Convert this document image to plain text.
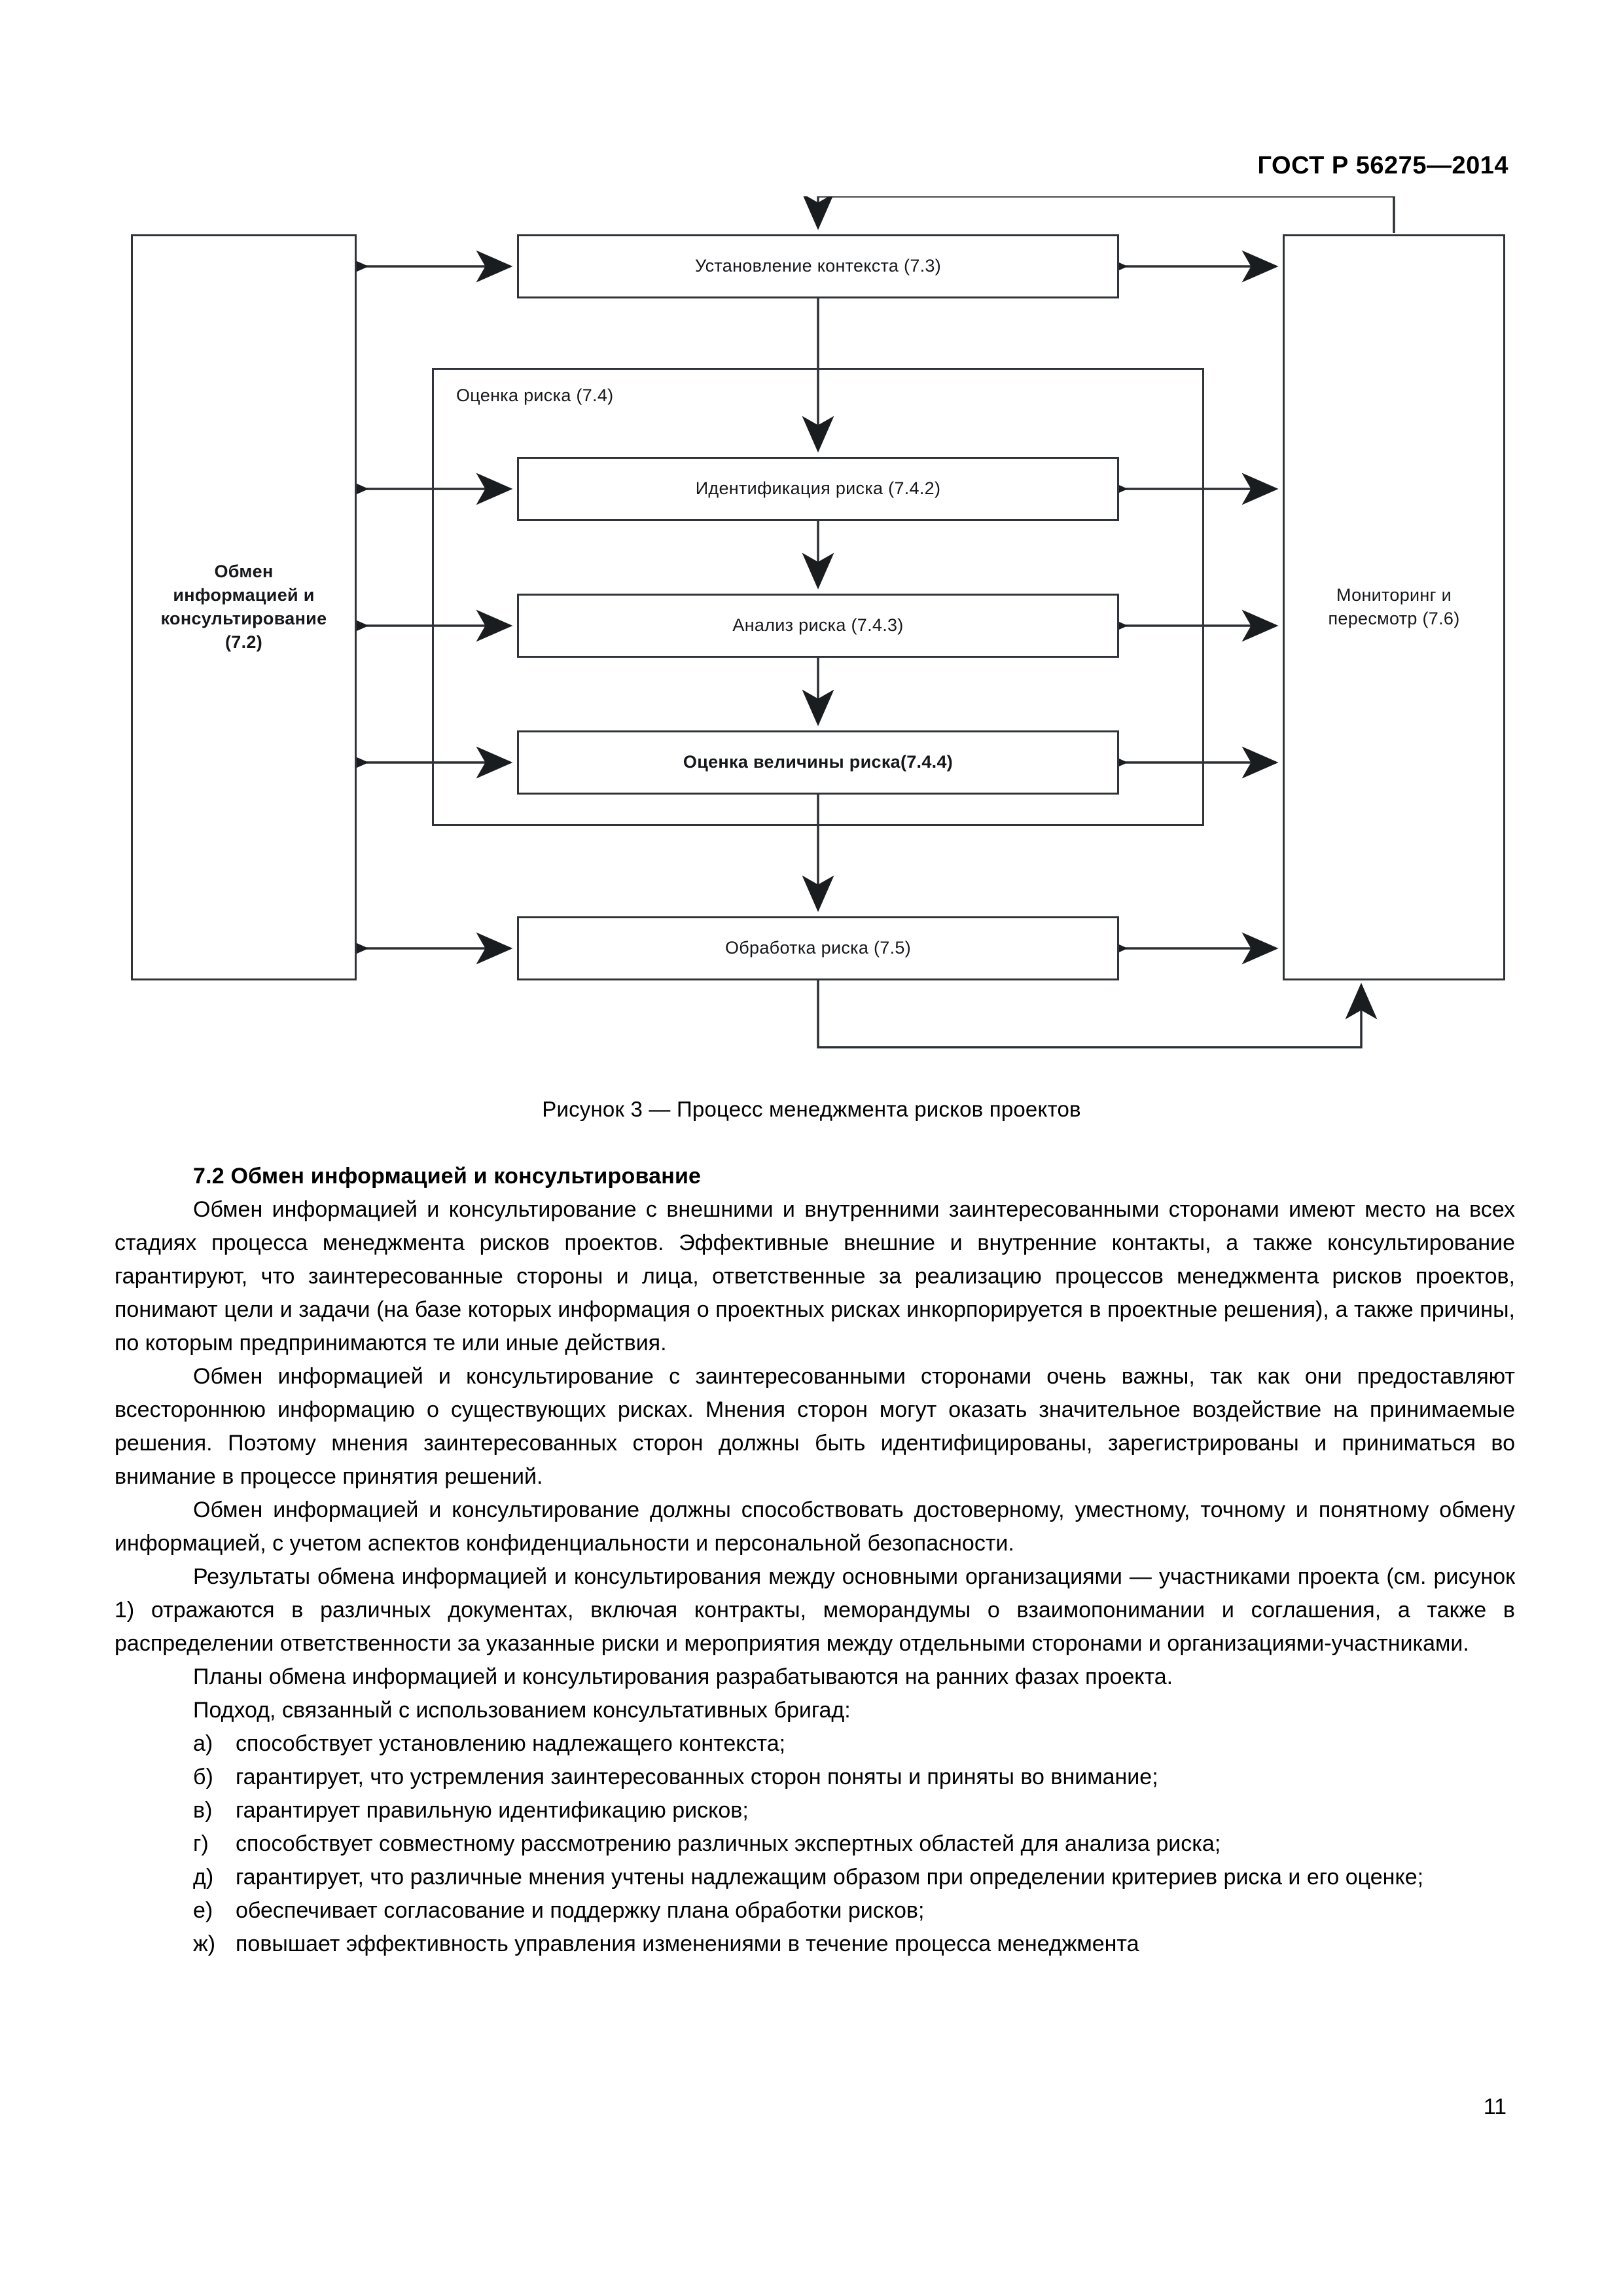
ГОСТ Р 56275—2014
Оценка риска (7.4)
Обмен
информацией и
консультирование
(7.2)
Мониторинг и
пересмотр (7.6)
Установление контекста (7.3)
Идентификация риска (7.4.2)
Анализ риска (7.4.3)
Оценка величины риска(7.4.4)
Обработка риска (7.5)
Рисунок 3 — Процесс менеджмента рисков проектов
7.2 Обмен информацией и консультирование

Обмен информацией и консультирование с внешними и внутренними заинтересованными сторонами имеют место на всех стадиях процесса менеджмента рисков проектов. Эффективные внешние и внутренние контакты, а также консультирование гарантируют, что заинтересованные стороны и лица, ответственные за реализацию процессов менеджмента рисков проектов, понимают цели и задачи (на базе которых информация о проектных рисках инкорпорируется в проектные решения), а также причины, по которым предпринимаются те или иные действия.

Обмен информацией и консультирование с заинтересованными сторонами очень важны, так как они предоставляют всестороннюю информацию о существующих рисках. Мнения сторон могут оказать значительное воздействие на принимаемые решения. Поэтому мнения заинтересованных сторон должны быть идентифицированы, зарегистрированы и приниматься во внимание в процессе принятия решений.

Обмен информацией и консультирование должны способствовать достоверному, уместному, точному и понятному обмену информацией, с учетом аспектов конфиденциальности и персональной безопасности.

Результаты обмена информацией и консультирования между основными организациями — участниками проекта (см. рисунок 1) отражаются в различных документах, включая контракты, меморандумы о взаимопонимании и соглашения, а также в распределении ответственности за указанные риски и мероприятия между отдельными сторонами и организациями-участниками.

Планы обмена информацией и консультирования разрабатываются на ранних фазах проекта.

Подход, связанный с использованием консультативных бригад:

а)	способствует установлению надлежащего контекста;
б)	гарантирует, что устремления заинтересованных сторон поняты и приняты во внимание;
в)	гарантирует правильную идентификацию рисков;
г)	способствует совместному рассмотрению различных экспертных областей для анализа риска;
д) гарантирует, что различные мнения учтены надлежащим образом при определении критериев риска и его оценке;
е)	обеспечивает согласование и поддержку плана обработки рисков;
ж) повышает эффективность управления изменениями в течение процесса менеджмента
11
